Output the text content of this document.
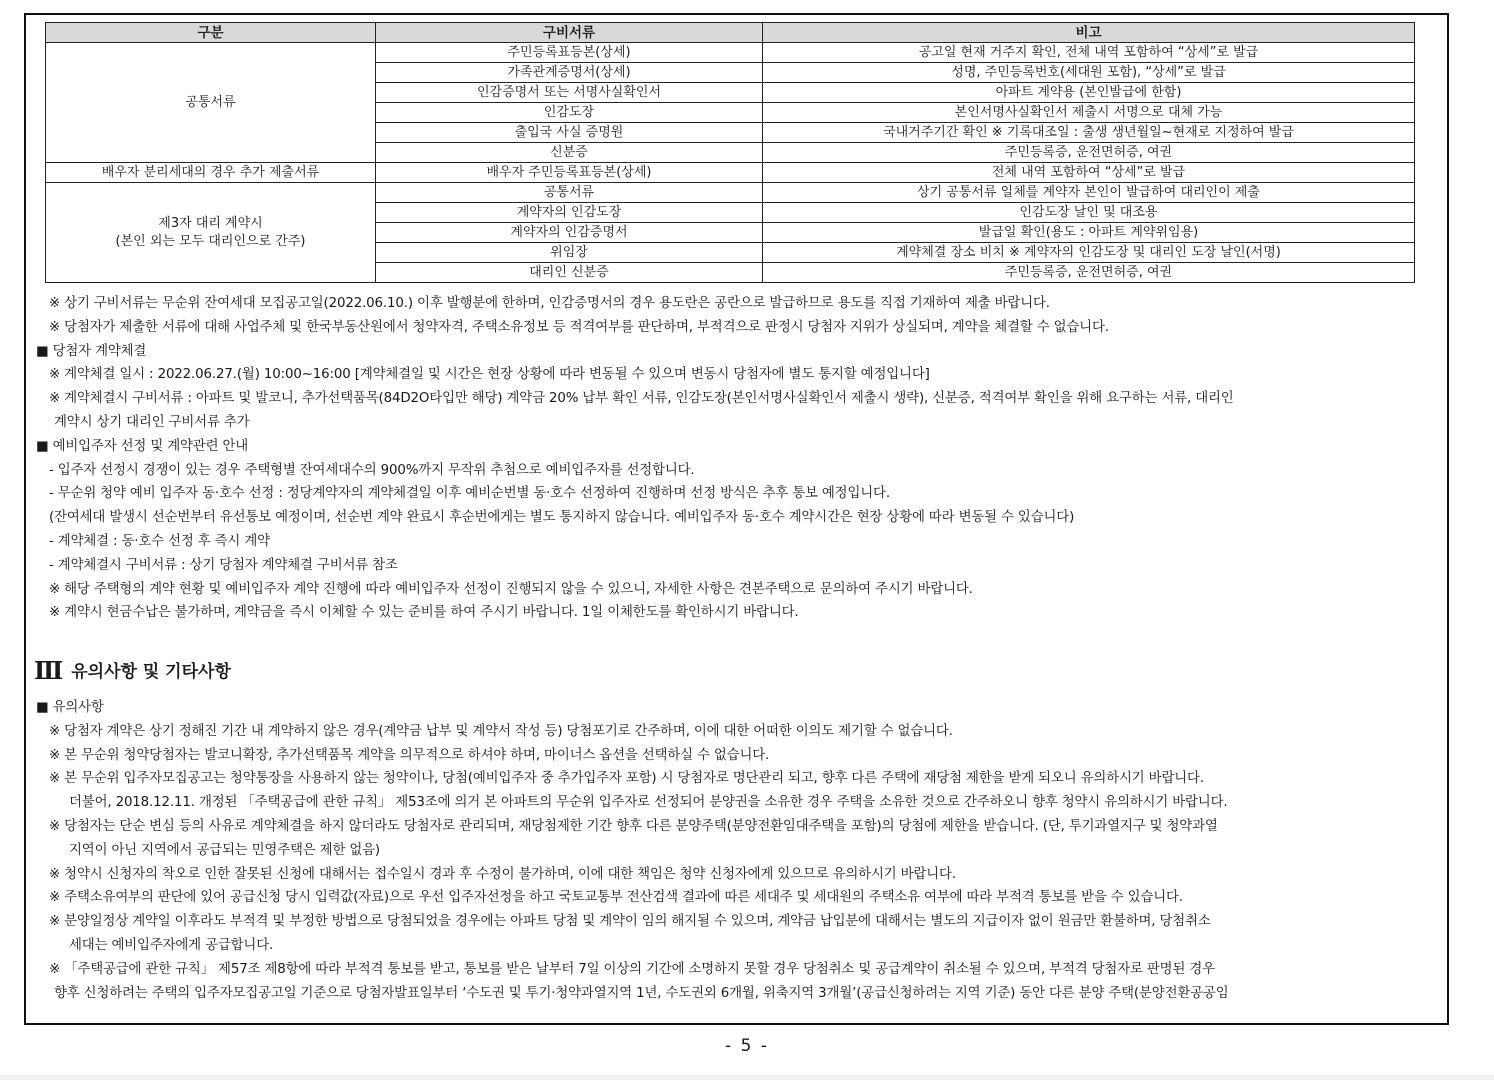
구분	구비서류	비고
공통서류	주민등록표등본(상세)	공고일 현재 거주지 확인, 전체 내역 포함하여 “상세”로 발급
	가족관계증명서(상세)	성명, 주민등록번호(세대원 포함), “상세”로 발급
	인감증명서 또는 서명사실확인서	아파트 계약용 (본인발급에 한함)
	인감도장	본인서명사실확인서 제출시 서명으로 대체 가능
	출입국 사실 증명원	국내거주기간 확인 ※ 기록대조일 : 출생 생년월일~현재로 지정하여 발급
	신분증	주민등록증, 운전면허증, 여권
배우자 분리세대의 경우 추가 제출서류	배우자 주민등록표등본(상세)	전체 내역 포함하여 “상세”로 발급

제3자 대리 계약시
(본인 외는 모두 대리인으로 간주)	공통서류	상기 공통서류 일체를 계약자 본인이 발급하여 대리인이 제출
	계약자의 인감도장	인감도장 날인 및 대조용
	계약자의 인감증명서	발급일 확인(용도 : 아파트 계약위임용)
	위임장	계약체결 장소 비치 ※ 계약자의 인감도장 및 대리인 도장 날인(서명)
	대리인 신분증	주민등록증, 운전면허증, 여권
※ 상기 구비서류는 무순위 잔여세대 모집공고일(2022.06.10.) 이후 발행분에 한하며, 인감증명서의 경우 용도란은 공란으로 발급하므로 용도를 직접 기재하여 제출 바랍니다.
※ 당첨자가 제출한 서류에 대해 사업주체 및 한국부동산원에서 청약자격, 주택소유정보 등 적격여부를 판단하며, 부적격으로 판정시 당첨자 지위가 상실되며, 계약을 체결할 수 없습니다.
■ 당첨자 계약체결
※ 계약체결 일시 : 2022.06.27.(월) 10:00~16:00 [계약체결일 및 시간은 현장 상황에 따라 변동될 수 있으며 변동시 당첨자에 별도 통지할 예정입니다]
※ 계약체결시 구비서류 : 아파트 및 발코니, 추가선택품목(84D2O타입만 해당) 계약금 20% 납부 확인 서류, 인감도장(본인서명사실확인서 제출시 생략), 신분증, 적격여부 확인을 위해 요구하는 서류, 대리인
계약시 상기 대리인 구비서류 추가
■ 예비입주자 선정 및 계약관련 안내
- 입주자 선정시 경쟁이 있는 경우 주택형별 잔여세대수의 900%까지 무작위 추첨으로 예비입주자를 선정합니다.
- 무순위 청약 예비 입주자 동·호수 선정 : 정당계약자의 계약체결일 이후 예비순번별 동·호수 선정하여 진행하며 선정 방식은 추후 통보 예정입니다.
(잔여세대 발생시 선순번부터 유선통보 예정이며, 선순번 계약 완료시 후순번에게는 별도 통지하지 않습니다. 예비입주자 동·호수 계약시간은 현장 상황에 따라 변동될 수 있습니다)
- 계약체결 : 동·호수 선정 후 즉시 계약
- 계약체결시 구비서류 : 상기 당첨자 계약체결 구비서류 참조
※ 해당 주택형의 계약 현황 및 예비입주자 계약 진행에 따라 예비입주자 선정이 진행되지 않을 수 있으니, 자세한 사항은 견본주택으로 문의하여 주시기 바랍니다.
※ 계약시 현금수납은 불가하며, 계약금을 즉시 이체할 수 있는 준비를 하여 주시기 바랍니다. 1일 이체한도를 확인하시기 바랍니다.
Ⅲ 유의사항 및 기타사항
■ 유의사항
※ 당첨자 계약은 상기 정해진 기간 내 계약하지 않은 경우(계약금 납부 및 계약서 작성 등) 당첨포기로 간주하며, 이에 대한 어떠한 이의도 제기할 수 없습니다.
※ 본 무순위 청약당첨자는 발코니확장, 추가선택품목 계약을 의무적으로 하셔야 하며, 마이너스 옵션을 선택하실 수 없습니다.
※ 본 무순위 입주자모집공고는 청약통장을 사용하지 않는 청약이나, 당첨(예비입주자 중 추가입주자 포함) 시 당첨자로 명단관리 되고, 향후 다른 주택에 재당첨 제한을 받게 되오니 유의하시기 바랍니다.
더불어, 2018.12.11. 개정된 「주택공급에 관한 규칙」 제53조에 의거 본 아파트의 무순위 입주자로 선정되어 분양권을 소유한 경우 주택을 소유한 것으로 간주하오니 향후 청약시 유의하시기 바랍니다.
※ 당첨자는 단순 변심 등의 사유로 계약체결을 하지 않더라도 당첨자로 관리되며, 재당첨제한 기간 향후 다른 분양주택(분양전환임대주택을 포함)의 당첨에 제한을 받습니다. (단, 투기과열지구 및 청약과열
지역이 아닌 지역에서 공급되는 민영주택은 제한 없음)
※ 청약시 신청자의 착오로 인한 잘못된 신청에 대해서는 접수일시 경과 후 수정이 불가하며, 이에 대한 책임은 청약 신청자에게 있으므로 유의하시기 바랍니다.
※ 주택소유여부의 판단에 있어 공급신청 당시 입력값(자료)으로 우선 입주자선정을 하고 국토교통부 전산검색 결과에 따른 세대주 및 세대원의 주택소유 여부에 따라 부적격 통보를 받을 수 있습니다.
※ 분양일정상 계약일 이후라도 부적격 및 부정한 방법으로 당첨되었을 경우에는 아파트 당첨 및 계약이 임의 해지될 수 있으며, 계약금 납입분에 대해서는 별도의 지급이자 없이 원금만 환불하며, 당첨취소
세대는 예비입주자에게 공급합니다.
※ 「주택공급에 관한 규칙」 제57조 제8항에 따라 부적격 통보를 받고, 통보를 받은 날부터 7일 이상의 기간에 소명하지 못할 경우 당첨취소 및 공급계약이 취소될 수 있으며, 부적격 당첨자로 판명된 경우
향후 신청하려는 주택의 입주자모집공고일 기준으로 당첨자발표일부터 ‘수도권 및 투기·청약과열지역 1년, 수도권외 6개월, 위축지역 3개월’(공급신청하려는 지역 기준) 동안 다른 분양 주택(분양전환공공임
- 5 -
